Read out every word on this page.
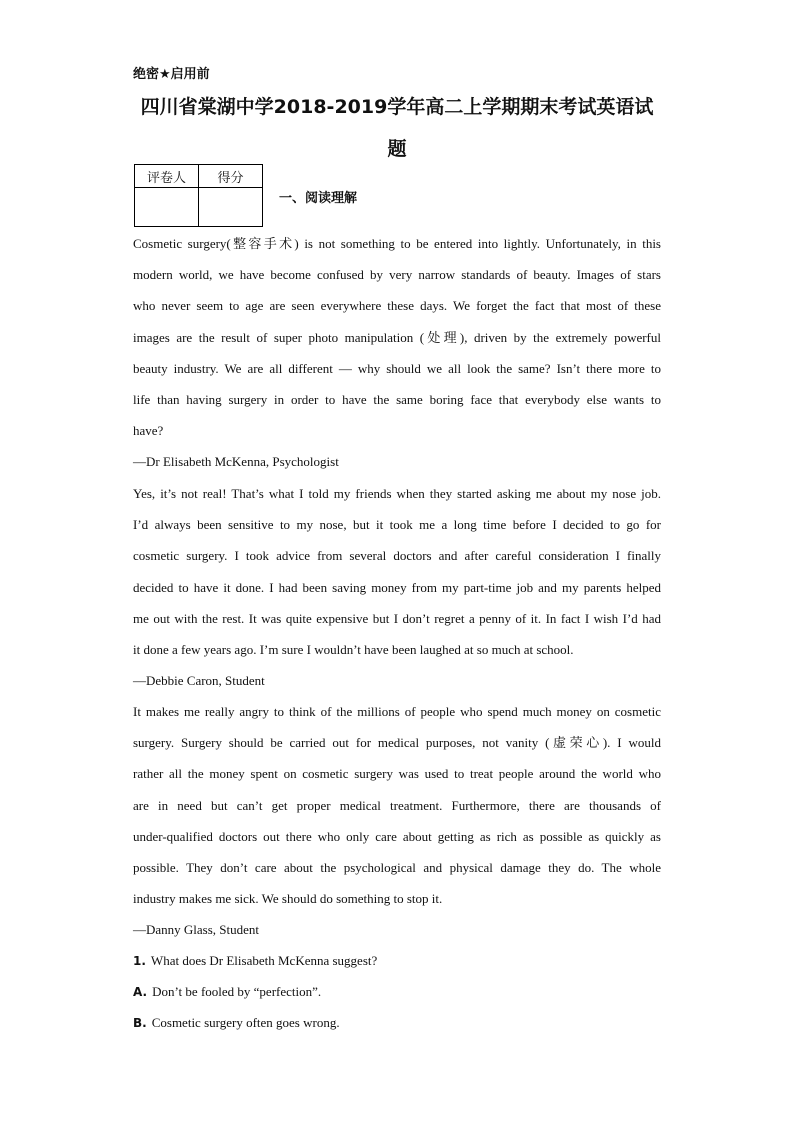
绝密★启用前
四川省棠湖中学2018-2019学年高二上学期期末考试英语试
题
评卷人	得分

一、阅读理解
Cosmetic surgery(整容手术) is not something to be entered into lightly. Unfortunately, in this
modern world, we have become confused by very narrow standards of beauty. Images of stars
who never seem to age are seen everywhere these days. We forget the fact that most of these
images are the result of super photo manipulation (处理), driven by the extremely powerful
beauty industry. We are all different — why should we all look the same? Isn’t there more to
life than having surgery in order to have the same boring face that everybody else wants to
have?
—Dr Elisabeth McKenna, Psychologist
Yes, it’s not real! That’s what I told my friends when they started asking me about my nose job.
I’d always been sensitive to my nose, but it took me a long time before I decided to go for
cosmetic surgery. I took advice from several doctors and after careful consideration I finally
decided to have it done. I had been saving money from my part-time job and my parents helped
me out with the rest. It was quite expensive but I don’t regret a penny of it. In fact I wish I’d had
it done a few years ago. I’m sure I wouldn’t have been laughed at so much at school.
—Debbie Caron, Student
It makes me really angry to think of the millions of people who spend much money on cosmetic
surgery. Surgery should be carried out for medical purposes, not vanity (虚荣心). I would
rather all the money spent on cosmetic surgery was used to treat people around the world who
are in need but can’t get proper medical treatment. Furthermore, there are thousands of
under-qualified doctors out there who only care about getting as rich as possible as quickly as
possible. They don’t care about the psychological and physical damage they do. The whole
industry makes me sick. We should do something to stop it.
—Danny Glass, Student
1. What does Dr Elisabeth McKenna suggest?
A. Don’t be fooled by “perfection”.
B. Cosmetic surgery often goes wrong.
